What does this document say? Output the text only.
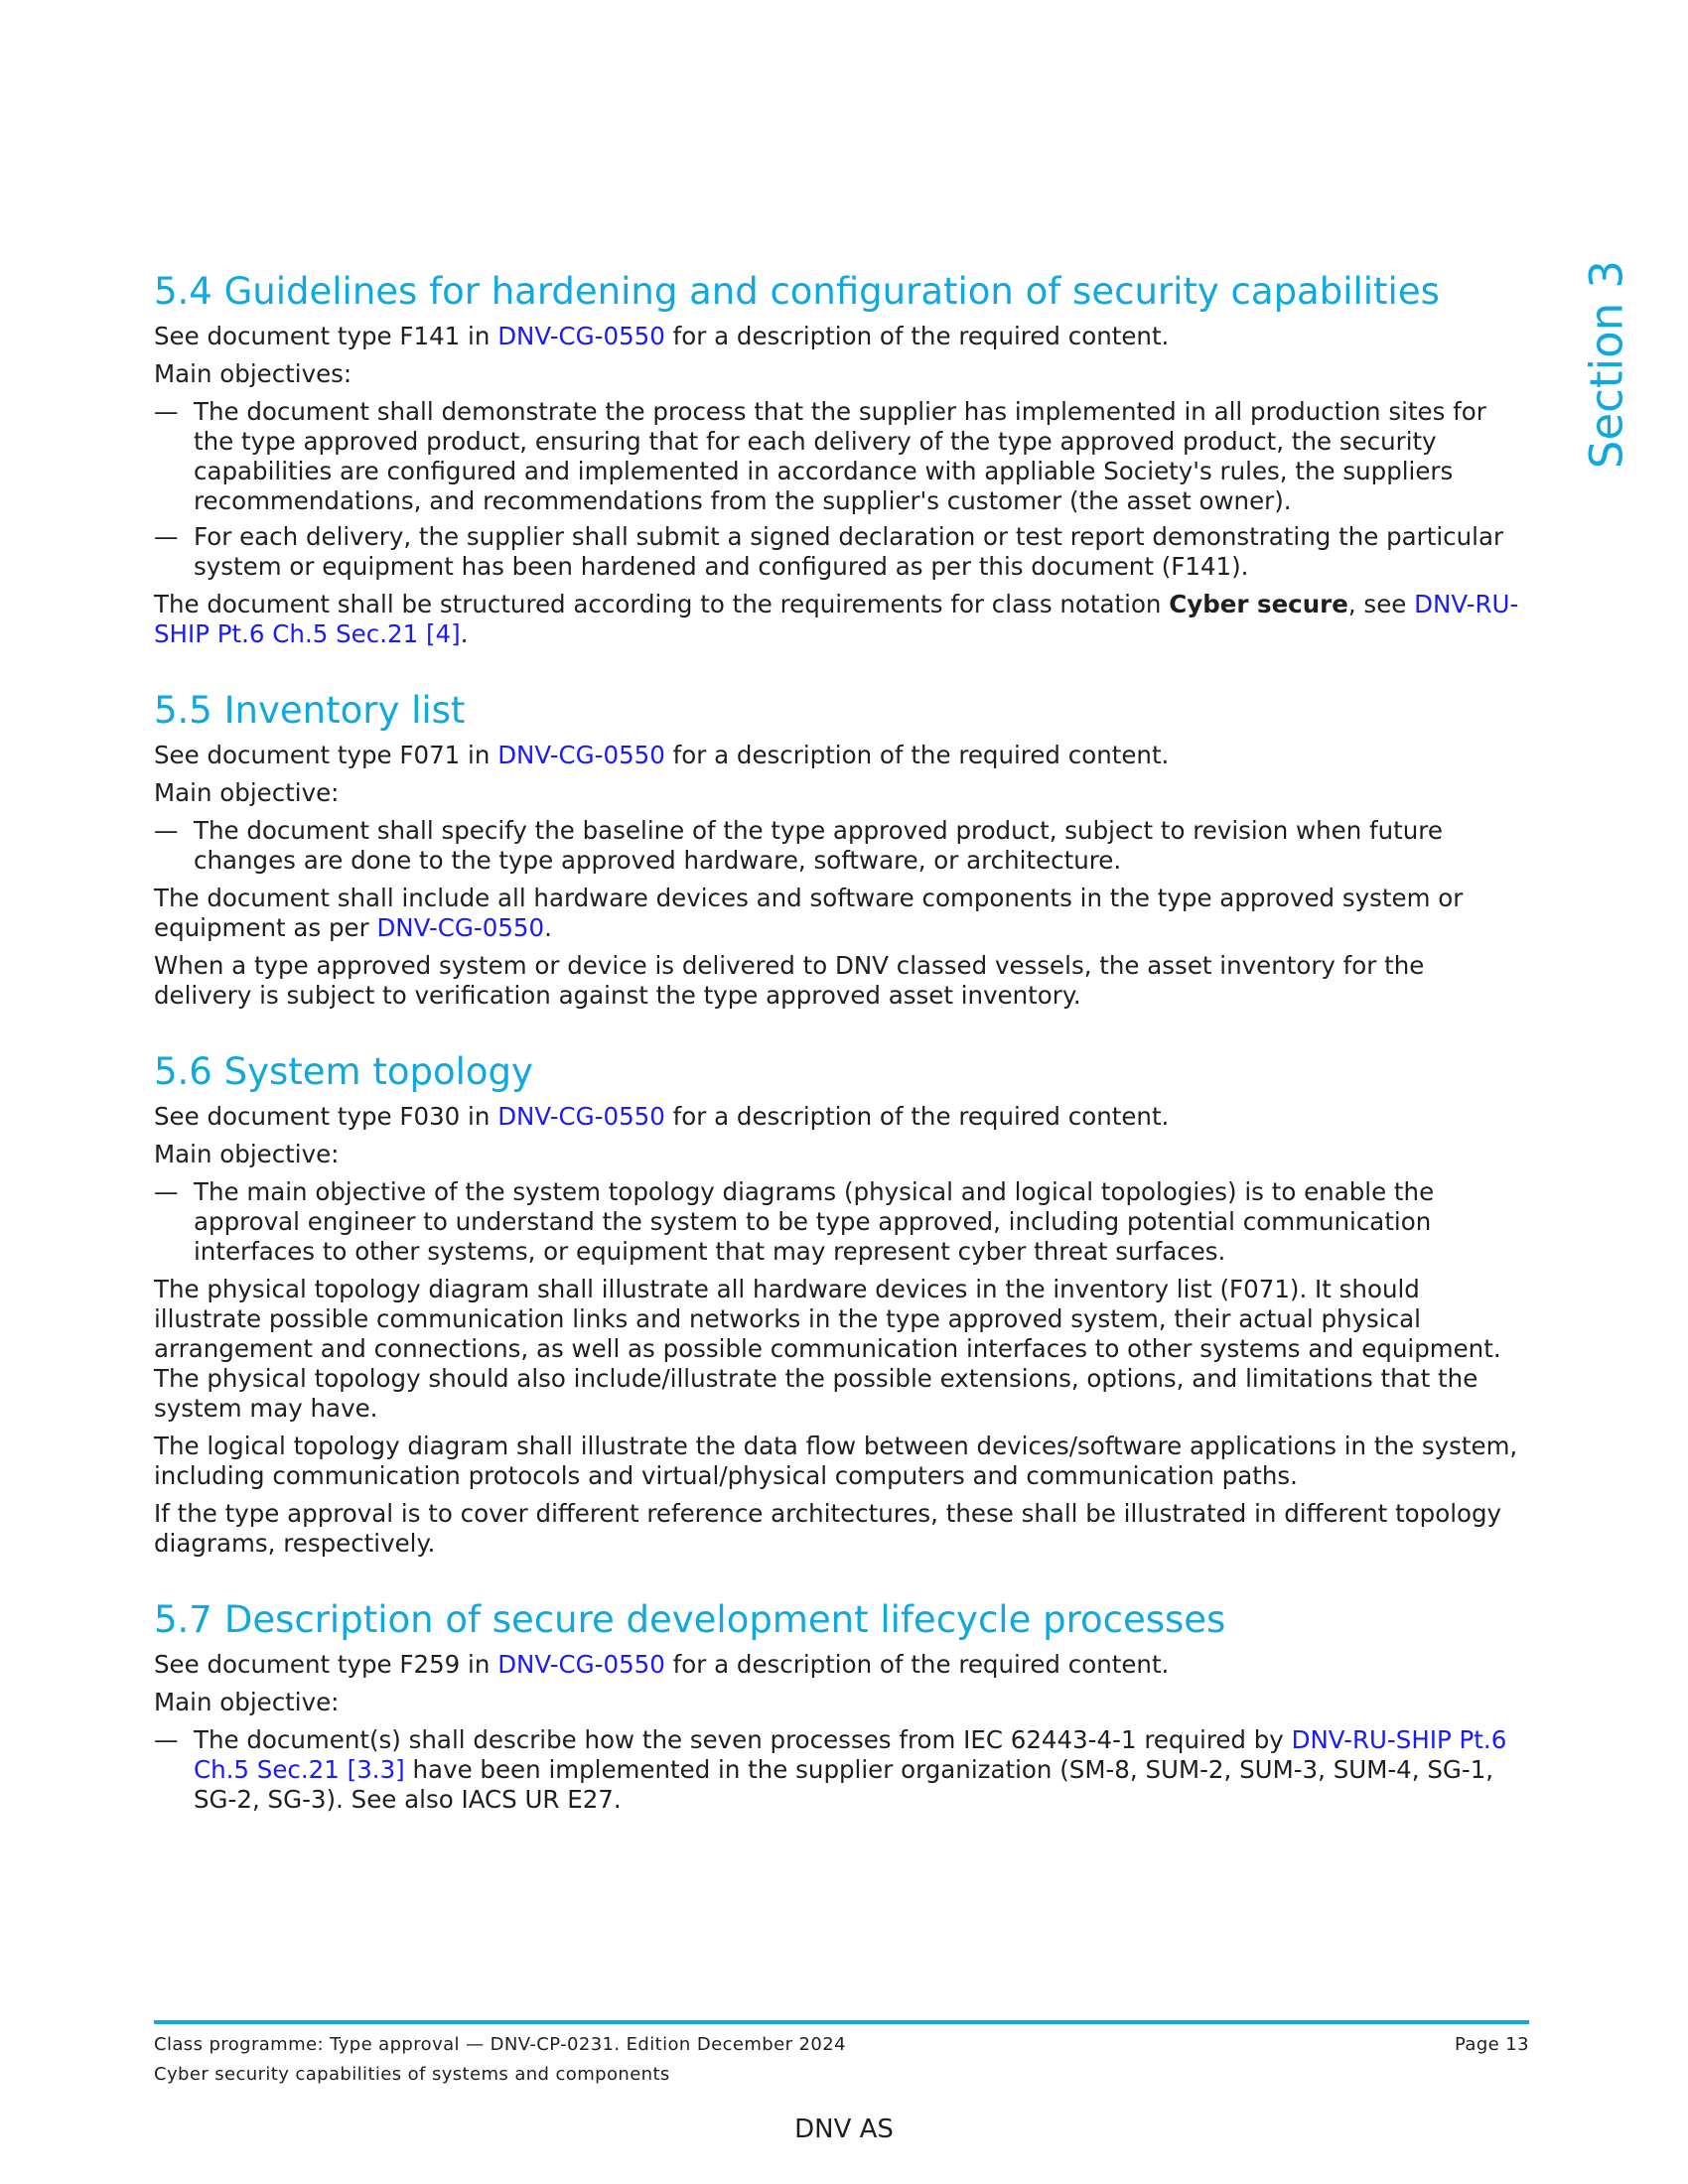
Section 3
5.4 Guidelines for hardening and configuration of security capabilities

See document type F141 in DNV-CG-0550 for a description of the required content.

Main objectives:

— The document shall demonstrate the process that the supplier has implemented in all production sites for the type approved product, ensuring that for each delivery of the type approved product, the security capabilities are configured and implemented in accordance with appliable Society's rules, the suppliers recommendations, and recommendations from the supplier's customer (the asset owner).
— For each delivery, the supplier shall submit a signed declaration or test report demonstrating the particular system or equipment has been hardened and configured as per this document (F141).

The document shall be structured according to the requirements for class notation Cyber secure, see DNV-RU-SHIP Pt.6 Ch.5 Sec.21 [4].

5.5 Inventory list

See document type F071 in DNV-CG-0550 for a description of the required content.

Main objective:

— The document shall specify the baseline of the type approved product, subject to revision when future changes are done to the type approved hardware, software, or architecture.

The document shall include all hardware devices and software components in the type approved system or equipment as per DNV-CG-0550.

When a type approved system or device is delivered to DNV classed vessels, the asset inventory for the delivery is subject to verification against the type approved asset inventory.

5.6 System topology

See document type F030 in DNV-CG-0550 for a description of the required content.

Main objective:

— The main objective of the system topology diagrams (physical and logical topologies) is to enable the approval engineer to understand the system to be type approved, including potential communication interfaces to other systems, or equipment that may represent cyber threat surfaces.

The physical topology diagram shall illustrate all hardware devices in the inventory list (F071). It should illustrate possible communication links and networks in the type approved system, their actual physical arrangement and connections, as well as possible communication interfaces to other systems and equipment. The physical topology should also include/illustrate the possible extensions, options, and limitations that the system may have.

The logical topology diagram shall illustrate the data flow between devices/software applications in the system, including communication protocols and virtual/physical computers and communication paths.

If the type approval is to cover different reference architectures, these shall be illustrated in different topology diagrams, respectively.

5.7 Description of secure development lifecycle processes

See document type F259 in DNV-CG-0550 for a description of the required content.

Main objective:

— The document(s) shall describe how the seven processes from IEC 62443-4-1 required by DNV-RU-SHIP Pt.6 Ch.5 Sec.21 [3.3] have been implemented in the supplier organization (SM-8, SUM-2, SUM-3, SUM-4, SG-1, SG-2, SG-3). See also IACS UR E27.
Class programme: Type approval — DNV-CP-0231. Edition December 2024	Page 13
Cyber security capabilities of systems and components
DNV AS
